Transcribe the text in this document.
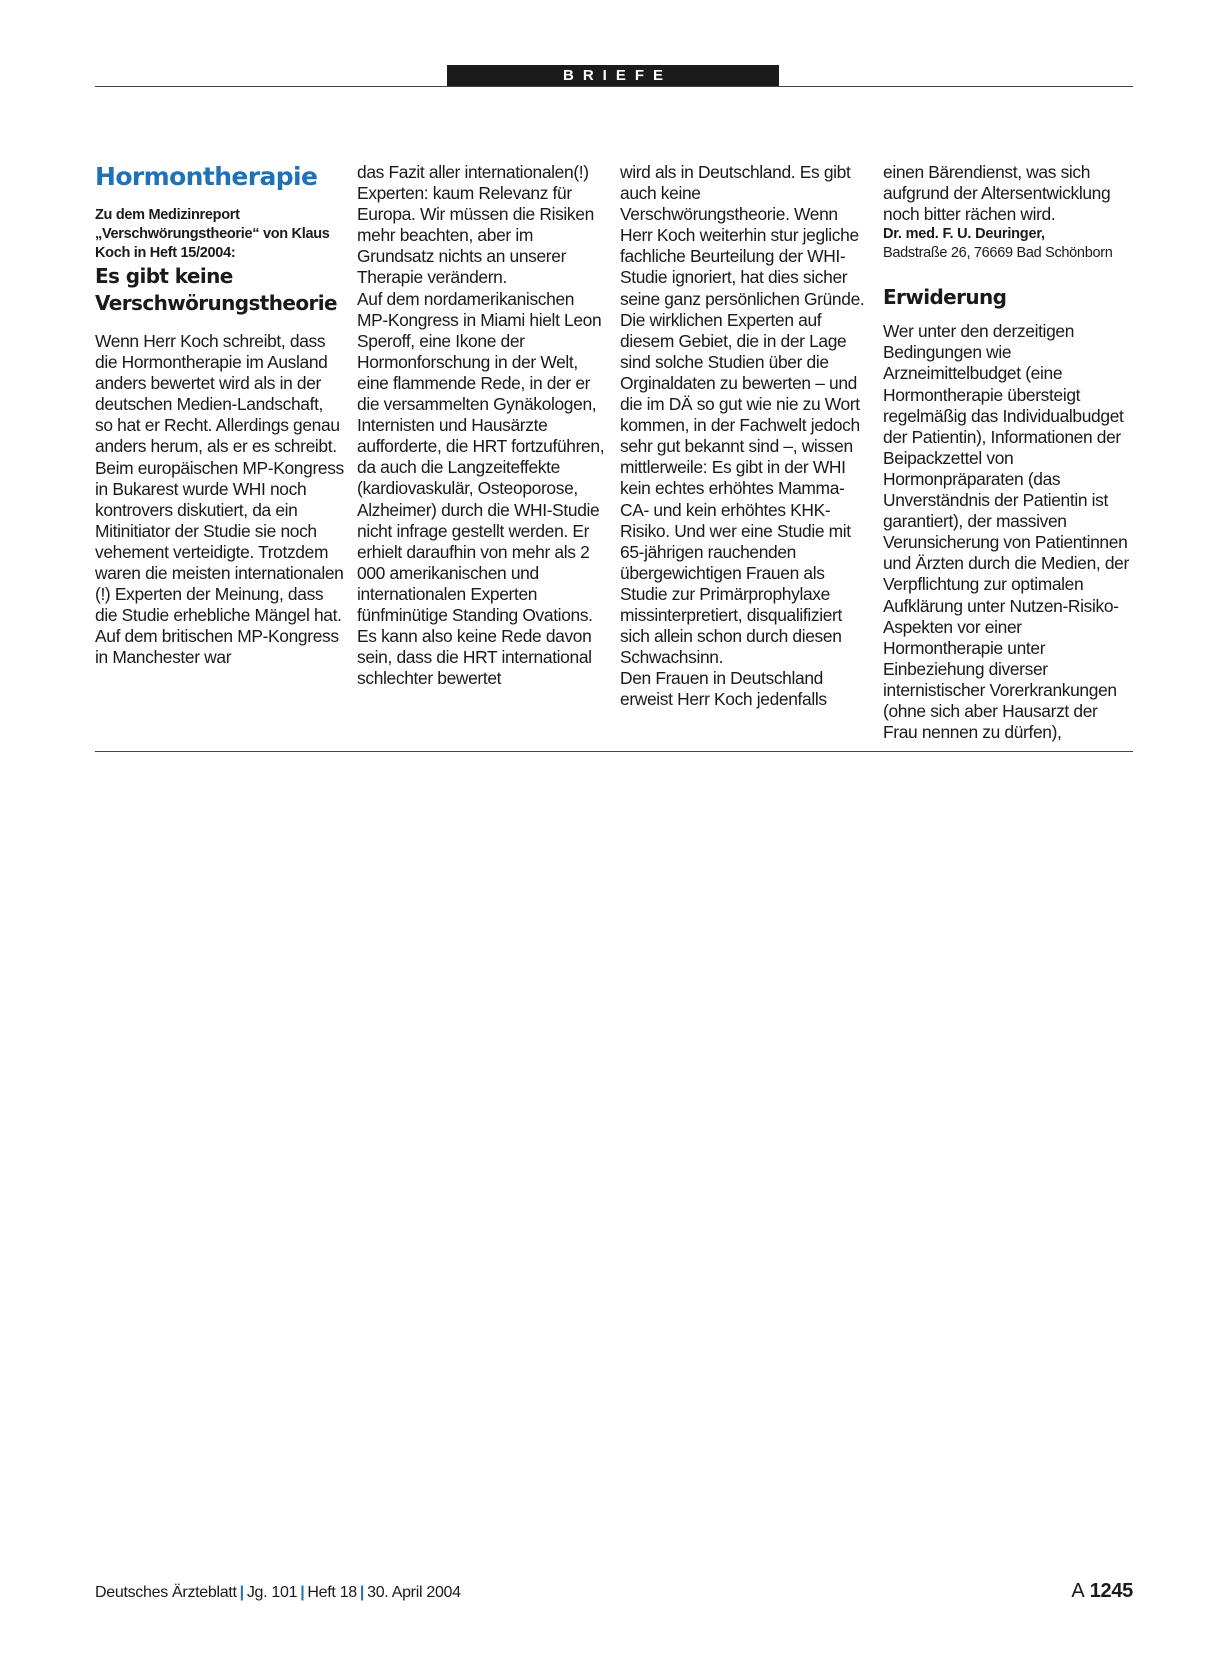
BRIEFE
Hormontherapie

Zu dem Medizinreport „Verschwörungstheorie“ von Klaus Koch in Heft 15/2004:

Es gibt keine Verschwörungstheorie

Wenn Herr Koch schreibt, dass die Hormontherapie im Ausland anders bewertet wird als in der deutschen Medien-Landschaft, so hat er Recht. Allerdings genau anders herum, als er es schreibt.

Beim europäischen MP-Kongress in Bukarest wurde WHI noch kontrovers diskutiert, da ein Mitinitiator der Studie sie noch vehement verteidigte. Trotzdem waren die meisten internationalen (!) Experten der Meinung, dass die Studie erhebliche Mängel hat. Auf dem britischen MP-Kongress in Manchester war

das Fazit aller internationalen(!) Experten: kaum Relevanz für Europa. Wir müssen die Risiken mehr beachten, aber im Grundsatz nichts an unserer Therapie verändern.

Auf dem nordamerikanischen MP-Kongress in Miami hielt Leon Speroff, eine Ikone der Hormonforschung in der Welt, eine flammende Rede, in der er die versammelten Gynäkologen, Internisten und Hausärzte aufforderte, die HRT fortzuführen, da auch die Langzeiteffekte (kardiovaskulär, Osteoporose, Alzheimer) durch die WHI-Studie nicht infrage gestellt werden. Er erhielt daraufhin von mehr als 2 000 amerikanischen und internationalen Experten fünfminütige Standing Ovations.

Es kann also keine Rede davon sein, dass die HRT international schlechter bewertet

wird als in Deutschland. Es gibt auch keine Verschwörungstheorie. Wenn Herr Koch weiterhin stur jegliche fachliche Beurteilung der WHI-Studie ignoriert, hat dies sicher seine ganz persönlichen Gründe. Die wirklichen Experten auf diesem Gebiet, die in der Lage sind solche Studien über die Orginaldaten zu bewerten – und die im DÄ so gut wie nie zu Wort kommen, in der Fachwelt jedoch sehr gut bekannt sind –, wissen mittlerweile: Es gibt in der WHI kein echtes erhöhtes Mamma-CA- und kein erhöhtes KHK-Risiko. Und wer eine Studie mit 65-jährigen rauchenden übergewichtigen Frauen als Studie zur Primärprophylaxe missinterpretiert, disqualifiziert sich allein schon durch diesen Schwachsinn.

Den Frauen in Deutschland erweist Herr Koch jedenfalls

einen Bärendienst, was sich aufgrund der Altersentwicklung noch bitter rächen wird.

Dr. med. F. U. Deuringer,
Badstraße 26, 76669 Bad Schönborn
Erwiderung

Wer unter den derzeitigen Bedingungen wie Arzneimittelbudget (eine Hormontherapie übersteigt regelmäßig das Individualbudget der Patientin), Informationen der Beipackzettel von Hormonpräparaten (das Unverständnis der Patientin ist garantiert), der massiven Verunsicherung von Patientinnen und Ärzten durch die Medien, der Verpflichtung zur optimalen Aufklärung unter Nutzen-Risiko-Aspekten vor einer Hormontherapie unter Einbeziehung diverser internistischer Vorerkrankungen (ohne sich aber Hausarzt der Frau nennen zu dürfen),

Deutsches Ärzteblatt | Jg. 101 | Heft 18 | 30. April 2004	A 1245
